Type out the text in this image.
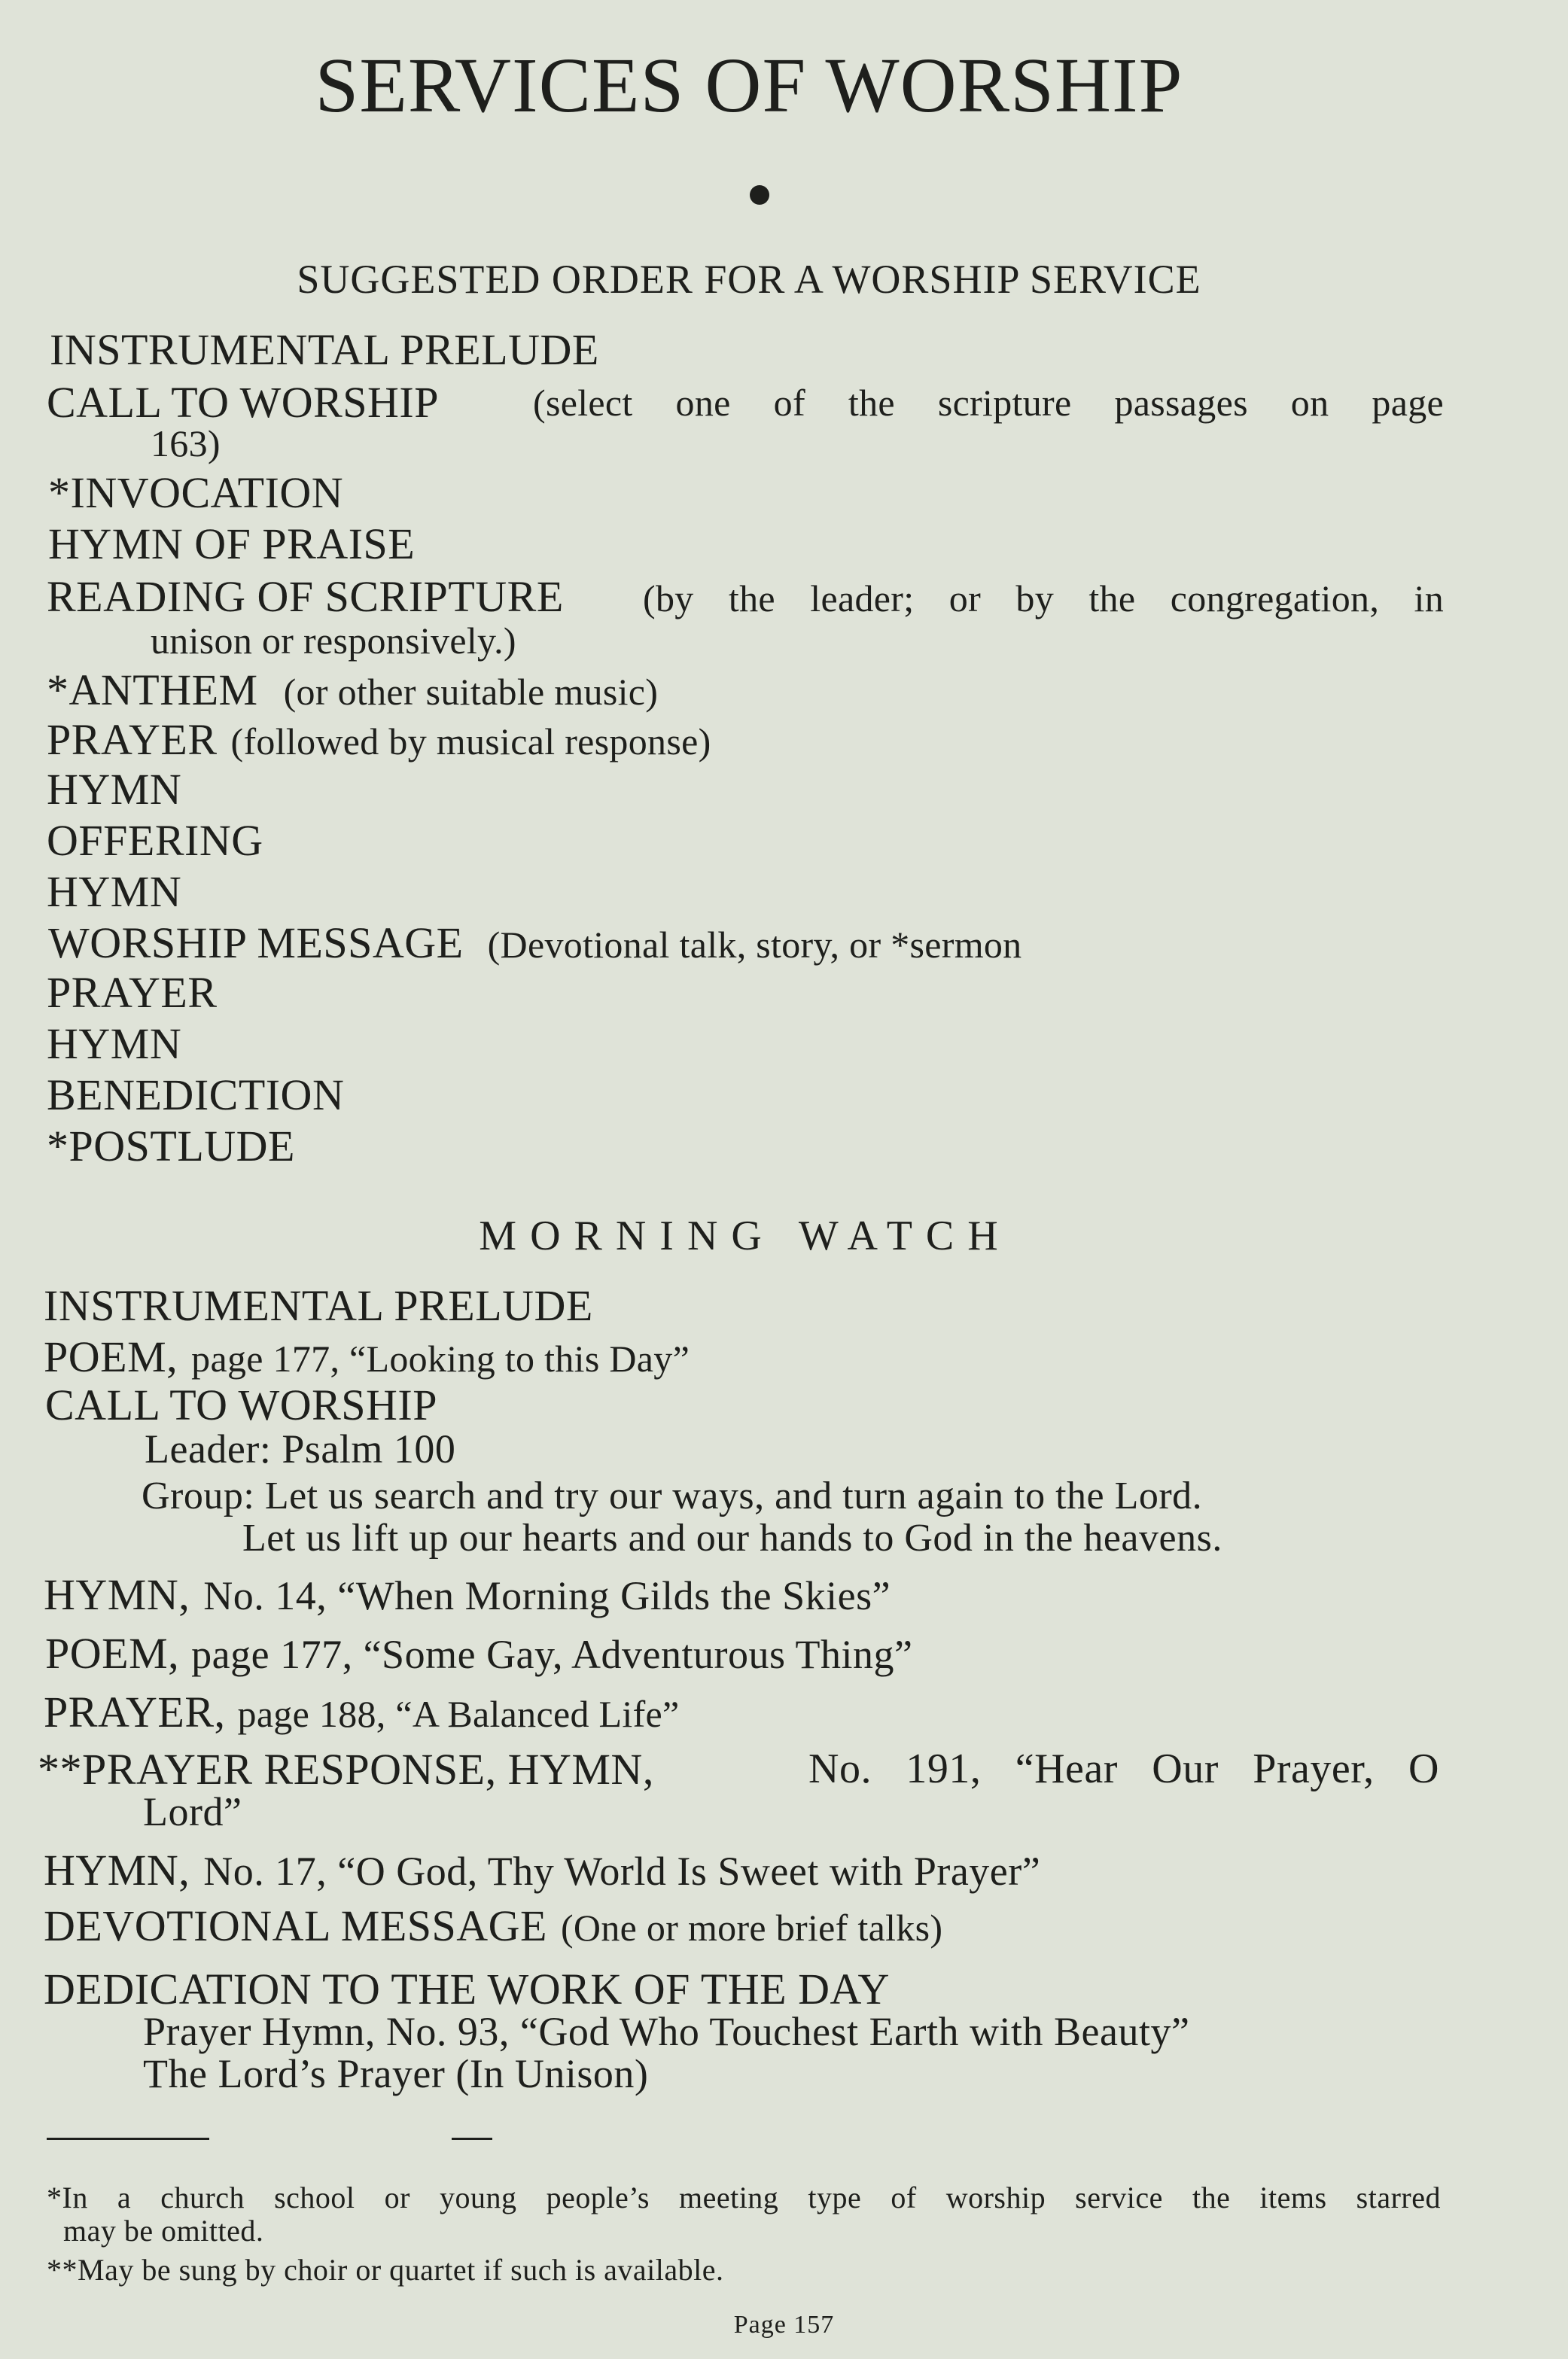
SERVICES OF WORSHIP
SUGGESTED ORDER FOR A WORSHIP SERVICE
INSTRUMENTAL PRELUDE
CALL TO WORSHIP	(select one of the scripture passages on page
163)
*INVOCATION
HYMN OF PRAISE
READING OF SCRIPTURE (by the leader; or by the congregation, in
unison or responsively.)
*ANTHEM (or other suitable music)
PRAYER (followed by musical response)
HYMN
OFFERING
HYMN
WORSHIP MESSAGE (Devotional talk, story, or *sermon
PRAYER
HYMN
BENEDICTION
*POSTLUDE
MORNING WATCH
INSTRUMENTAL PRELUDE
POEM, page 177, “Looking to this Day”
CALL TO WORSHIP
Leader: Psalm 100
Group: Let us search and try our ways, and turn again to the Lord.
Let us lift up our hearts and our hands to God in the heavens.
HYMN, No. 14, “When Morning Gilds the Skies”
POEM, page 177, “Some Gay, Adventurous Thing”
PRAYER, page 188, “A Balanced Life”
**PRAYER RESPONSE, HYMN,	No. 191, “Hear Our Prayer, O
Lord”
HYMN, No. 17, “O God, Thy World Is Sweet with Prayer”
DEVOTIONAL MESSAGE (One or more brief talks)
DEDICATION TO THE WORK OF THE DAY
Prayer Hymn, No. 93, “God Who Touchest Earth with Beauty”
The Lord’s Prayer (In Unison)
*In a church school or young people’s meeting type of worship service the items starred
may be omitted.
**May be sung by choir or quartet if such is available.
Page 157
